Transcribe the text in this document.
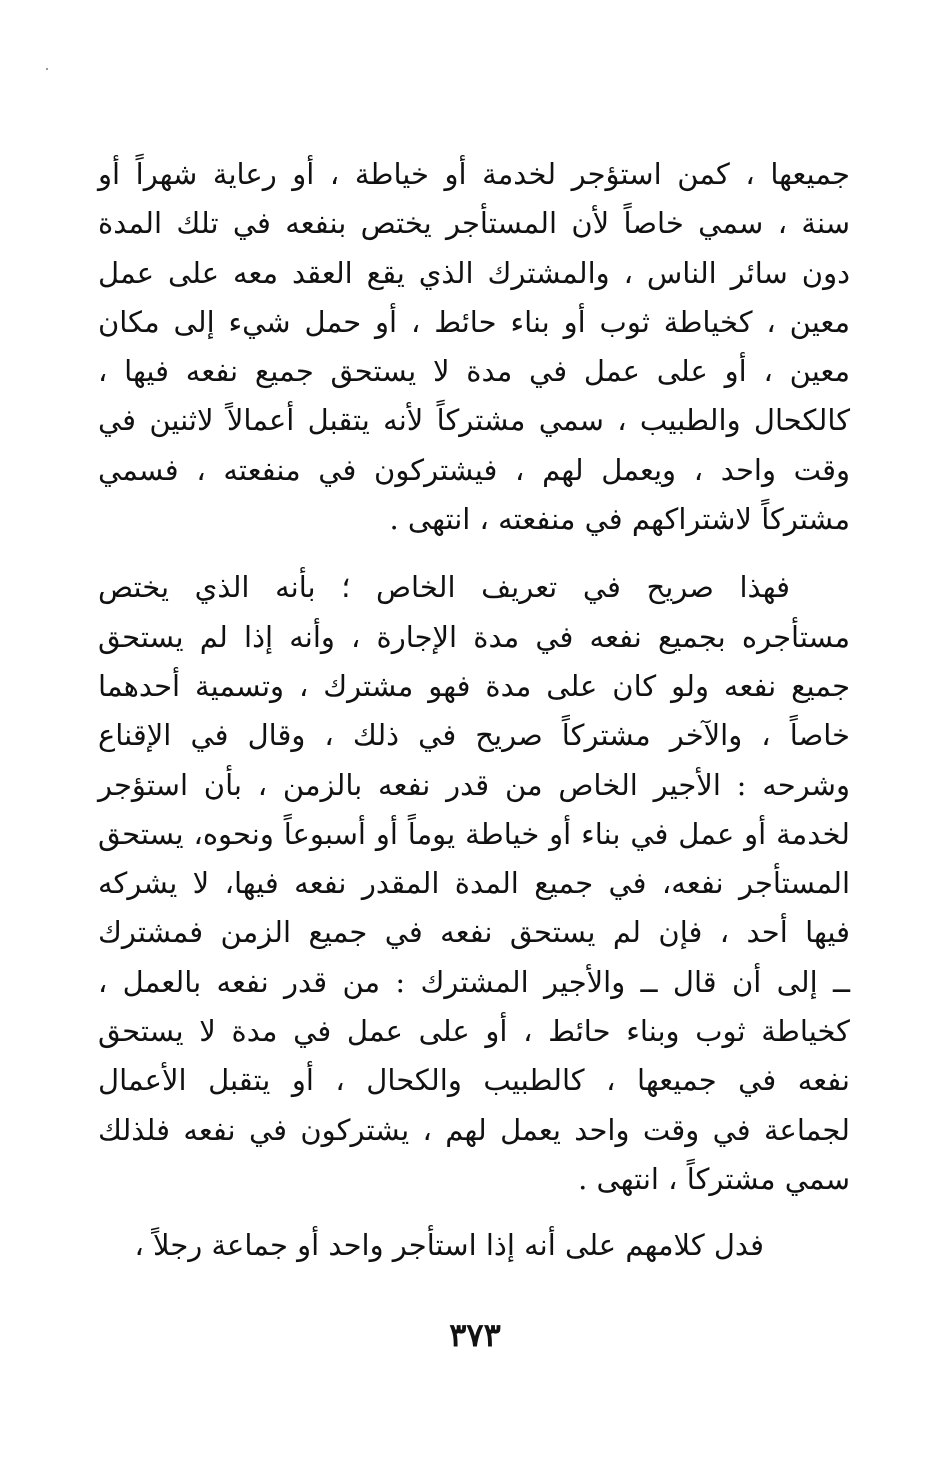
جميعها ، كمن استؤجر لخدمة أو خياطة ، أو رعاية شهراً أو
سنة ، سمي خاصاً لأن المستأجر يختص بنفعه في تلك المدة
دون سائر الناس ، والمشترك الذي يقع العقد معه على عمل
معين ، كخياطة ثوب أو بناء حائط ، أو حمل شيء إلى مكان
معين ، أو على عمل في مدة لا يستحق جميع نفعه فيها ،
كالكحال والطبيب ، سمي مشتركاً لأنه يتقبل أعمالاً لاثنين في
وقت واحد ، ويعمل لهم ، فيشتركون في منفعته ، فسمي
مشتركاً لاشتراكهم في منفعته ، انتهى .

فهذا صريح في تعريف الخاص ؛ بأنه الذي يختص
مستأجره بجميع نفعه في مدة الإجارة ، وأنه إذا لم يستحق
جميع نفعه ولو كان على مدة فهو مشترك ، وتسمية أحدهما
خاصاً ، والآخر مشتركاً صريح في ذلك ، وقال في الإقناع
وشرحه : الأجير الخاص من قدر نفعه بالزمن ، بأن استؤجر
لخدمة أو عمل في بناء أو خياطة يوماً أو أسبوعاً ونحوه، يستحق
المستأجر نفعه، في جميع المدة المقدر نفعه فيها، لا يشركه
فيها أحد ، فإن لم يستحق نفعه في جميع الزمن فمشترك
ــ إلى أن قال ــ والأجير المشترك : من قدر نفعه بالعمل ،
كخياطة ثوب وبناء حائط ، أو على عمل في مدة لا يستحق
نفعه في جميعها ، كالطبيب والكحال ، أو يتقبل الأعمال
لجماعة في وقت واحد يعمل لهم ، يشتركون في نفعه فلذلك
سمي مشتركاً ، انتهى .

فدل كلامهم على أنه إذا استأجر واحد أو جماعة رجلاً ،

٣٧٣
